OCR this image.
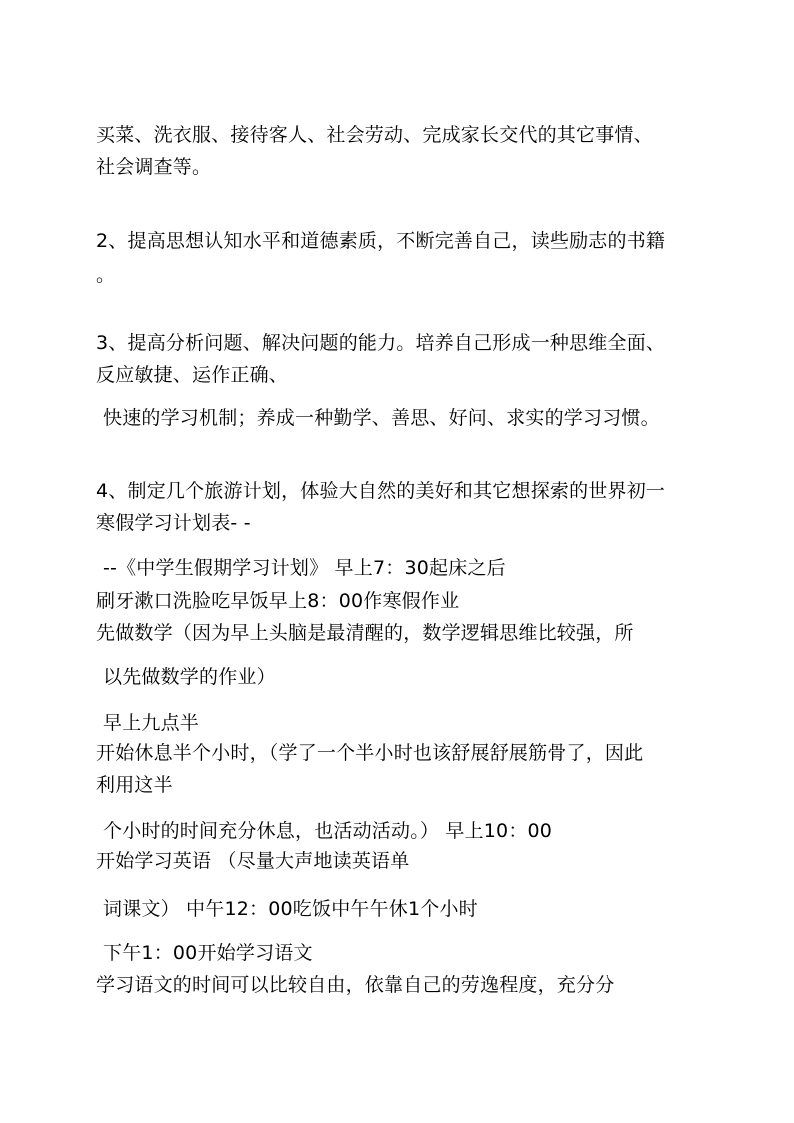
买菜、洗衣服、接待客人、社会劳动、完成家长交代的其它事情、
社会调查等。
2、提高思想认知水平和道德素质，不断完善自己，读些励志的书籍
。
3、提高分析问题、解决问题的能力。培养自己形成一种思维全面、
反应敏捷、运作正确、
快速的学习机制；养成一种勤学、善思、好问、求实的学习习惯。
4、制定几个旅游计划，体验大自然的美好和其它想探索的世界初一
寒假学习计划表- -
--《中学生假期学习计划》 早上7：30起床之后
刷牙漱口洗脸吃早饭早上8：00作寒假作业
先做数学（因为早上头脑是最清醒的，数学逻辑思维比较强，所
以先做数学的作业）
早上九点半
开始休息半个小时，（学了一个半小时也该舒展舒展筋骨了，因此
利用这半
个小时的时间充分休息，也活动活动。） 早上10：00
开始学习英语 （尽量大声地读英语单
词课文） 中午12：00吃饭中午午休1个小时
下午1：00开始学习语文
学习语文的时间可以比较自由，依靠自己的劳逸程度，充分分
